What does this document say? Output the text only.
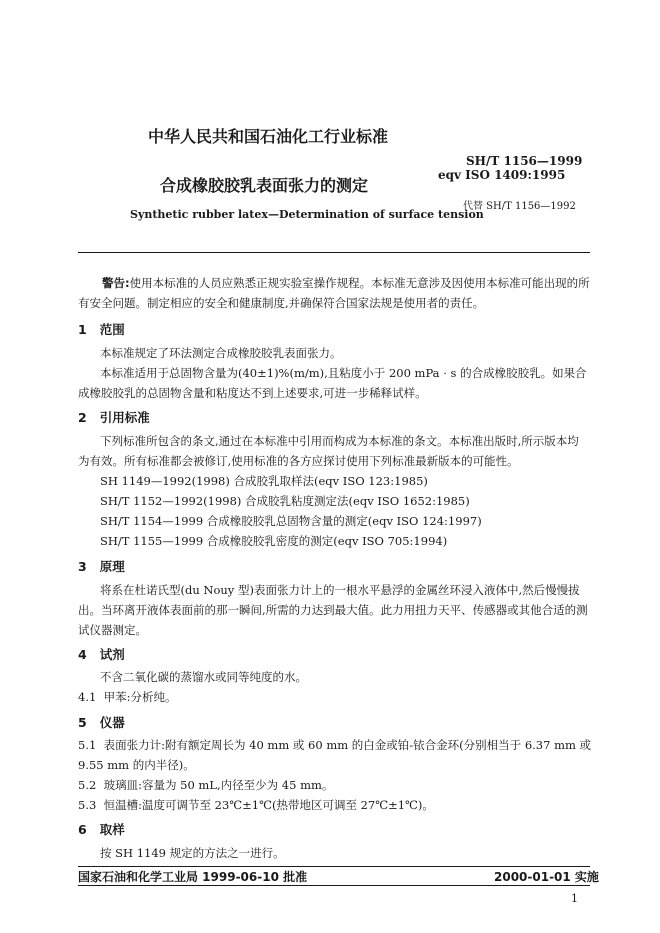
中华人民共和国石油化工行业标准
合成橡胶胶乳表面张力的测定
SH/T 1156—1999
eqv ISO 1409:1995
Synthetic rubber latex—Determination of surface tension
代替 SH/T 1156—1992
警告:使用本标准的人员应熟悉正规实验室操作规程。本标准无意涉及因使用本标准可能出现的所有安全问题。制定相应的安全和健康制度,并确保符合国家法规是使用者的责任。
1 范围
本标准规定了环法测定合成橡胶胶乳表面张力。
本标准适用于总固物含量为(40±1)%(m/m),且粘度小于 200 mPa · s 的合成橡胶胶乳。如果合成橡胶胶乳的总固物含量和粘度达不到上述要求,可进一步稀释试样。
2 引用标准
下列标准所包含的条文,通过在本标准中引用而构成为本标准的条文。本标准出版时,所示版本均为有效。所有标准都会被修订,使用标准的各方应探讨使用下列标准最新版本的可能性。
SH 1149—1992(1998) 合成胶乳取样法(eqv ISO 123:1985)
SH/T 1152—1992(1998) 合成胶乳粘度测定法(eqv ISO 1652:1985)
SH/T 1154—1999 合成橡胶胶乳总固物含量的测定(eqv ISO 124:1997)
SH/T 1155—1999 合成橡胶胶乳密度的测定(eqv ISO 705:1994)
3 原理
将系在杜诺氏型(du Nouy 型)表面张力计上的一根水平悬浮的金属丝环浸入液体中,然后慢慢拔出。当环离开液体表面前的那一瞬间,所需的力达到最大值。此力用扭力天平、传感器或其他合适的测试仪器测定。
4 试剂
不含二氧化碳的蒸馏水或同等纯度的水。
4.1 甲苯:分析纯。
5 仪器
5.1 表面张力计:附有额定周长为 40 mm 或 60 mm 的白金或铂-铱合金环(分别相当于 6.37 mm 或
9.55 mm 的内半径)。
5.2 玻璃皿:容量为 50 mL,内径至少为 45 mm。
5.3 恒温槽:温度可调节至 23℃±1℃(热带地区可调至 27℃±1℃)。
6 取样
按 SH 1149 规定的方法之一进行。
国家石油和化学工业局 1999-06-10 批准	2000-01-01 实施
1
